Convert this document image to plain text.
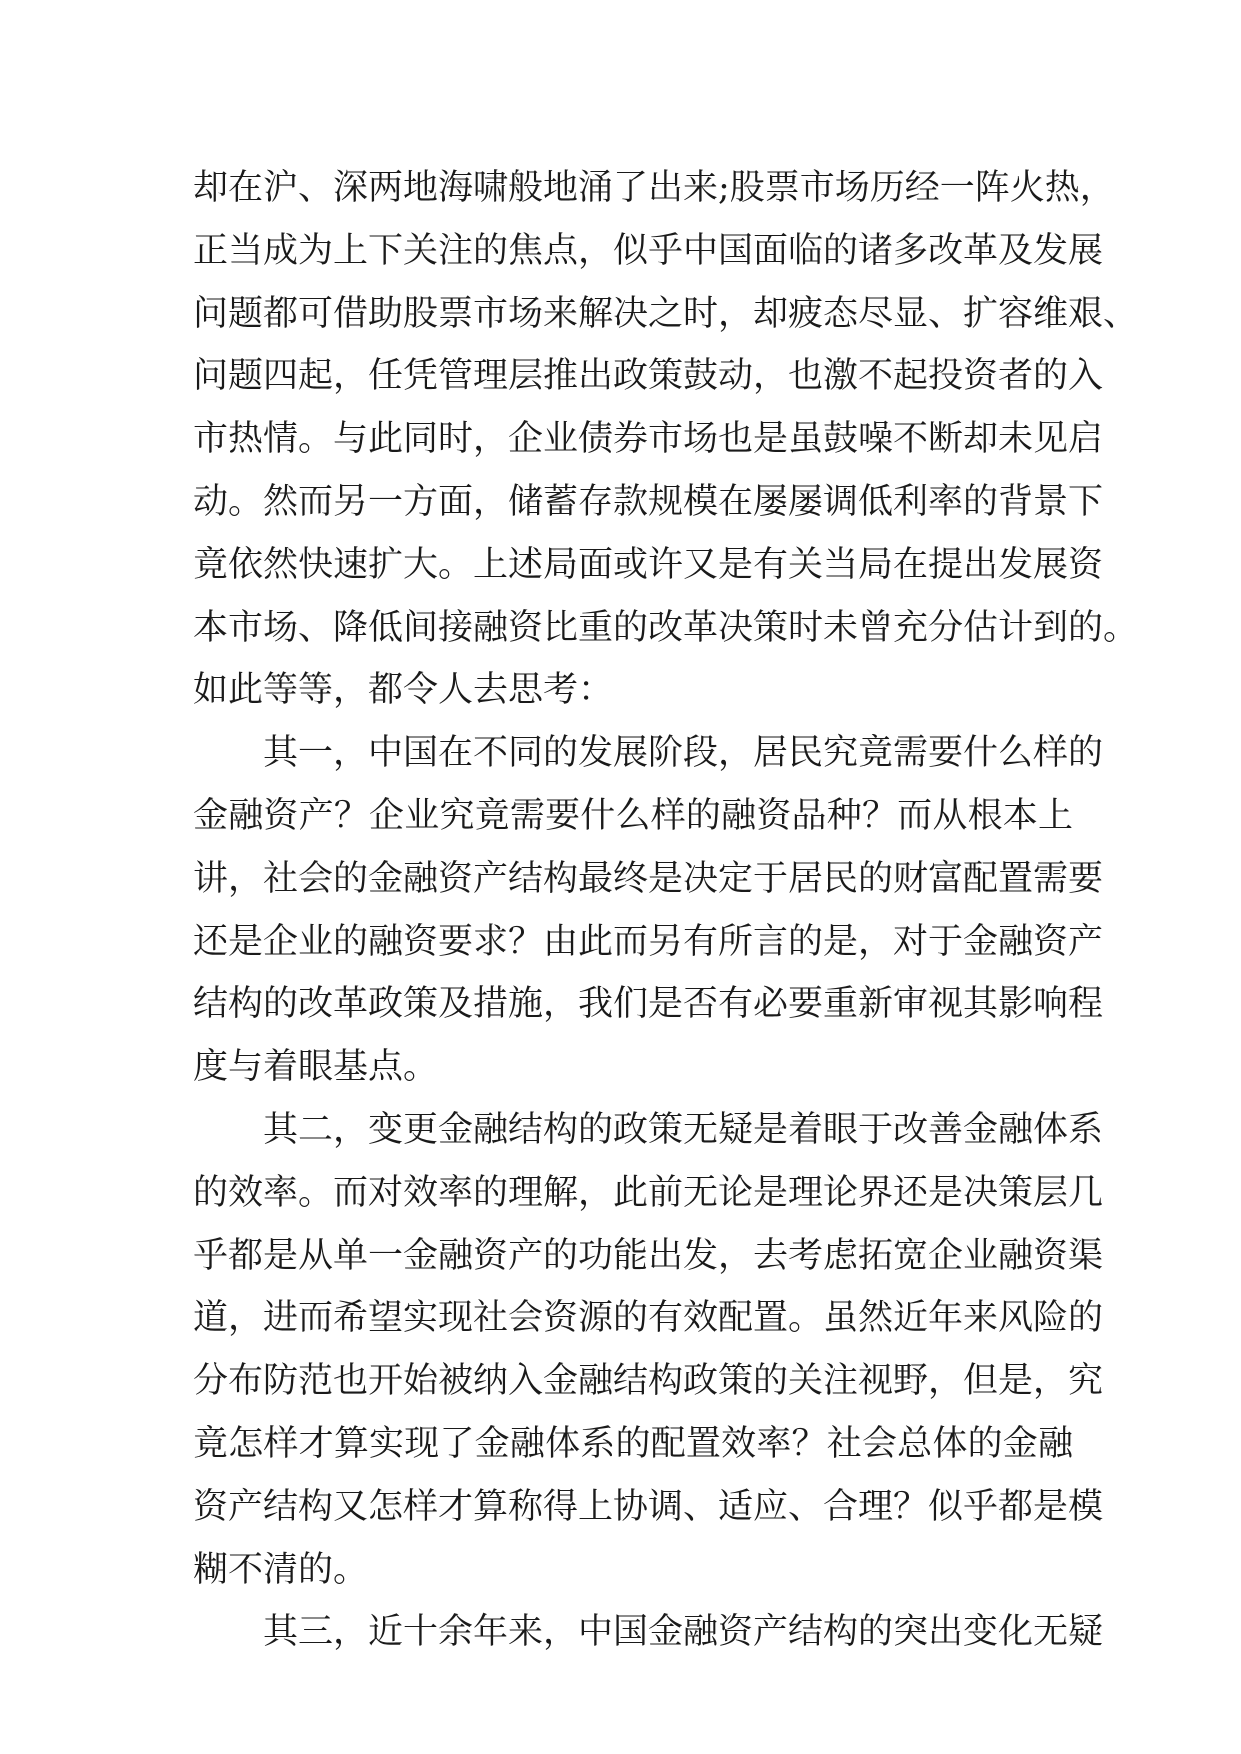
却在沪、深两地海啸般地涌了出来;股票市场历经一阵火热，
正当成为上下关注的焦点，似乎中国面临的诸多改革及发展
问题都可借助股票市场来解决之时，却疲态尽显、扩容维艰、
问题四起，任凭管理层推出政策鼓动，也激不起投资者的入
市热情。与此同时，企业债券市场也是虽鼓噪不断却未见启
动。然而另一方面，储蓄存款规模在屡屡调低利率的背景下
竟依然快速扩大。上述局面或许又是有关当局在提出发展资
本市场、降低间接融资比重的改革决策时未曾充分估计到的。
如此等等，都令人去思考：
其一，中国在不同的发展阶段，居民究竟需要什么样的
金融资产？企业究竟需要什么样的融资品种？而从根本上
讲，社会的金融资产结构最终是决定于居民的财富配置需要
还是企业的融资要求？由此而另有所言的是，对于金融资产
结构的改革政策及措施，我们是否有必要重新审视其影响程
度与着眼基点。
其二，变更金融结构的政策无疑是着眼于改善金融体系
的效率。而对效率的理解，此前无论是理论界还是决策层几
乎都是从单一金融资产的功能出发，去考虑拓宽企业融资渠
道，进而希望实现社会资源的有效配置。虽然近年来风险的
分布防范也开始被纳入金融结构政策的关注视野，但是，究
竟怎样才算实现了金融体系的配置效率？社会总体的金融
资产结构又怎样才算称得上协调、适应、合理？似乎都是模
糊不清的。
其三，近十余年来，中国金融资产结构的突出变化无疑
